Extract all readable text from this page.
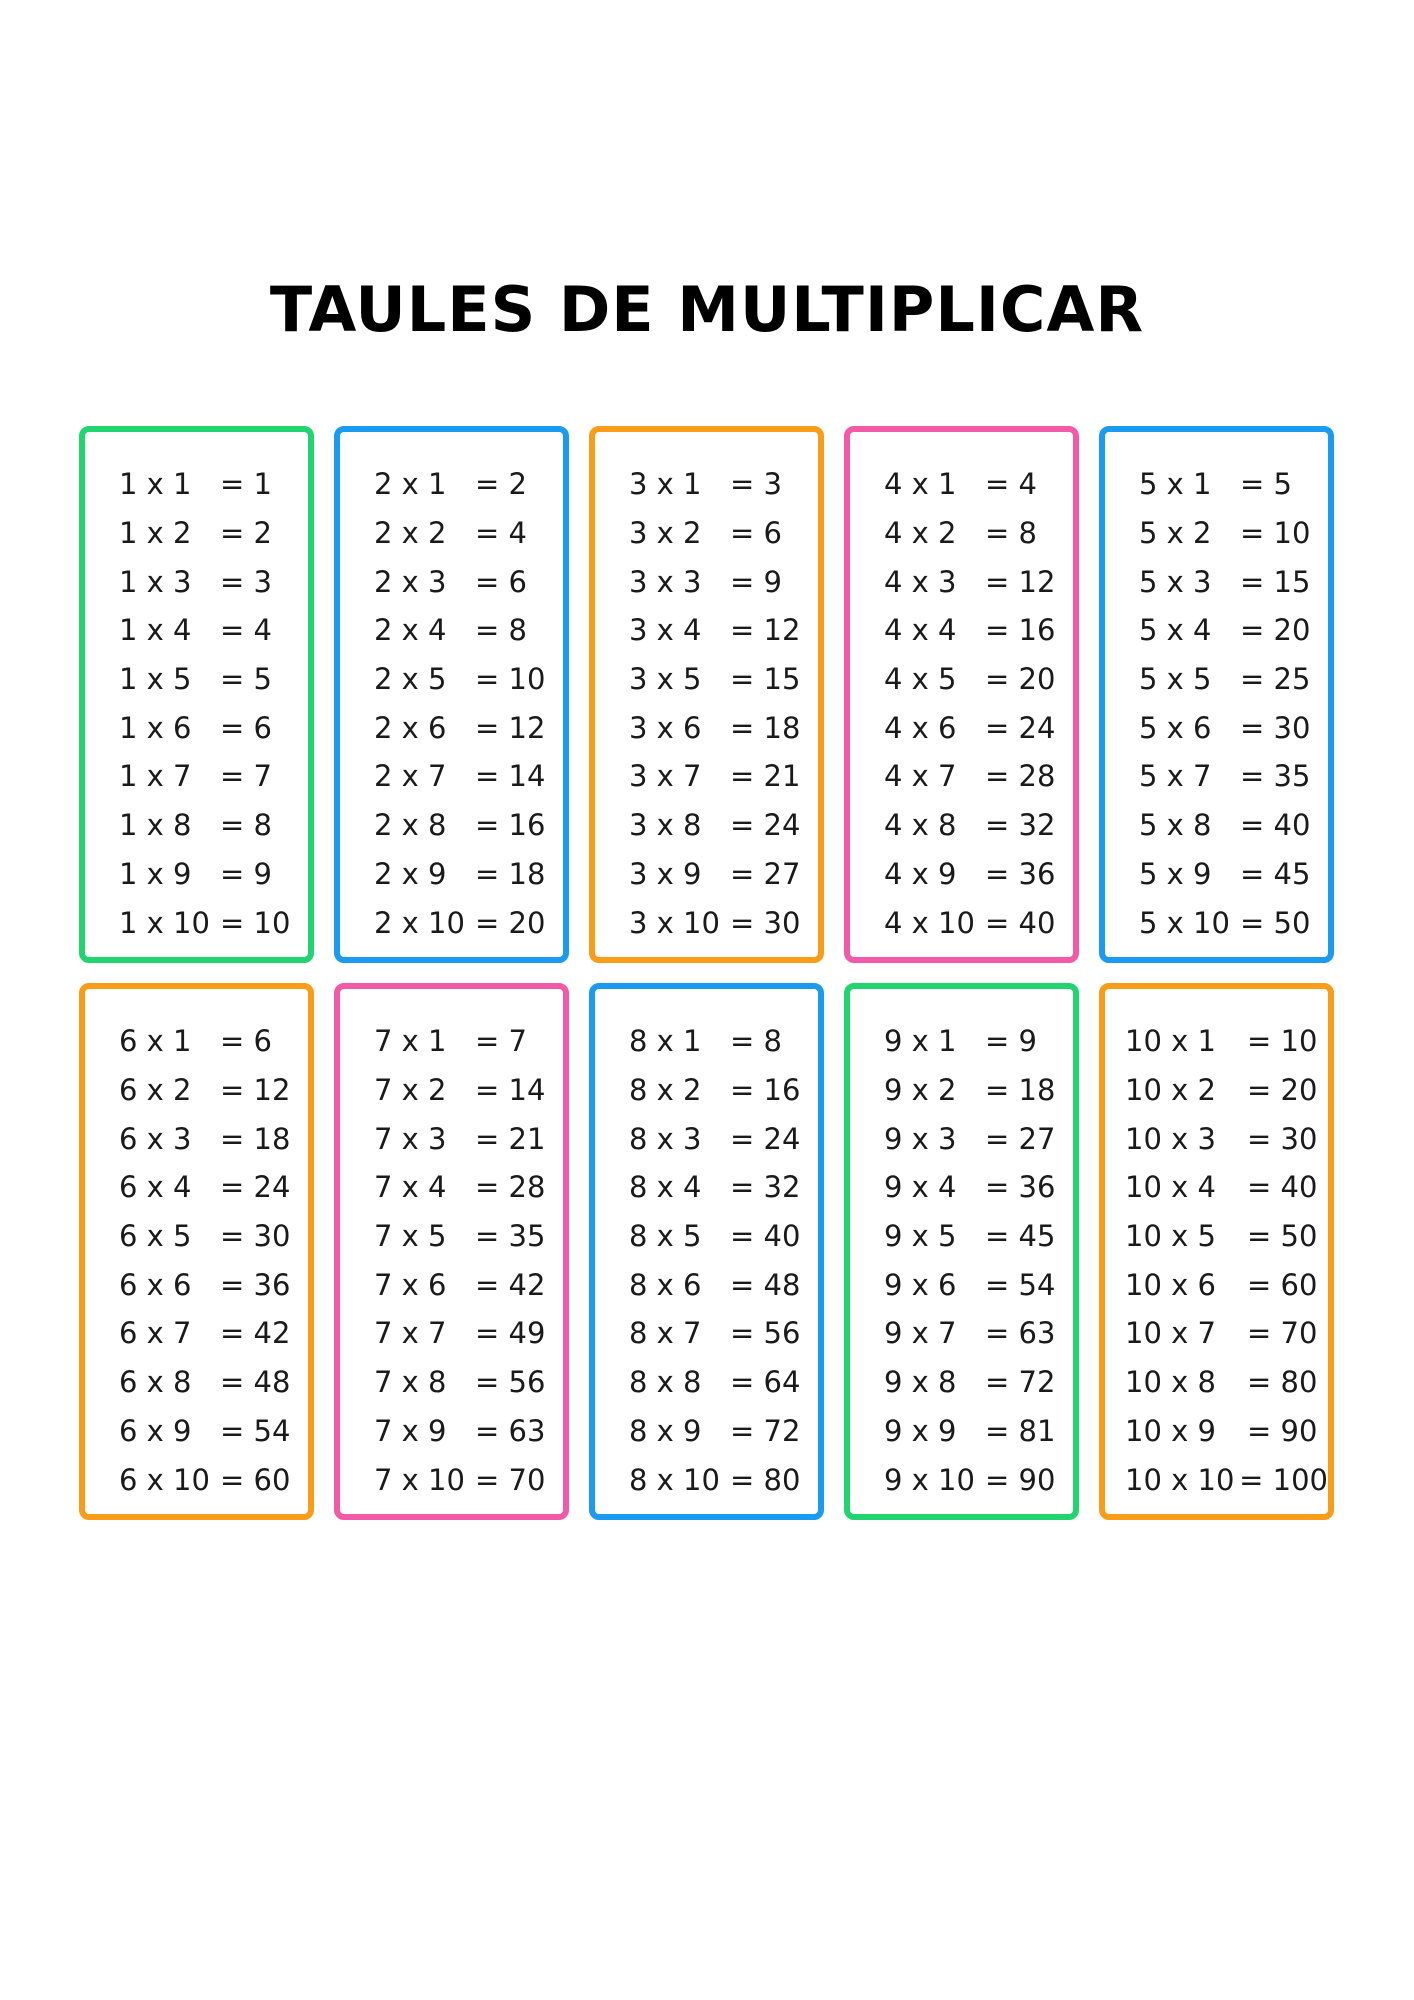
TAULES DE MULTIPLICAR
1 x 1 = 1
1 x 2 = 2
1 x 3 = 3
1 x 4 = 4
1 x 5 = 5
1 x 6 = 6
1 x 7 = 7
1 x 8 = 8
1 x 9 = 9
1 x 10 = 10
2 x 1 = 2
2 x 2 = 4
2 x 3 = 6
2 x 4 = 8
2 x 5 = 10
2 x 6 = 12
2 x 7 = 14
2 x 8 = 16
2 x 9 = 18
2 x 10 = 20
3 x 1 = 3
3 x 2 = 6
3 x 3 = 9
3 x 4 = 12
3 x 5 = 15
3 x 6 = 18
3 x 7 = 21
3 x 8 = 24
3 x 9 = 27
3 x 10 = 30
4 x 1 = 4
4 x 2 = 8
4 x 3 = 12
4 x 4 = 16
4 x 5 = 20
4 x 6 = 24
4 x 7 = 28
4 x 8 = 32
4 x 9 = 36
4 x 10 = 40
5 x 1 = 5
5 x 2 = 10
5 x 3 = 15
5 x 4 = 20
5 x 5 = 25
5 x 6 = 30
5 x 7 = 35
5 x 8 = 40
5 x 9 = 45
5 x 10 = 50
6 x 1 = 6
6 x 2 = 12
6 x 3 = 18
6 x 4 = 24
6 x 5 = 30
6 x 6 = 36
6 x 7 = 42
6 x 8 = 48
6 x 9 = 54
6 x 10 = 60
7 x 1 = 7
7 x 2 = 14
7 x 3 = 21
7 x 4 = 28
7 x 5 = 35
7 x 6 = 42
7 x 7 = 49
7 x 8 = 56
7 x 9 = 63
7 x 10 = 70
8 x 1 = 8
8 x 2 = 16
8 x 3 = 24
8 x 4 = 32
8 x 5 = 40
8 x 6 = 48
8 x 7 = 56
8 x 8 = 64
8 x 9 = 72
8 x 10 = 80
9 x 1 = 9
9 x 2 = 18
9 x 3 = 27
9 x 4 = 36
9 x 5 = 45
9 x 6 = 54
9 x 7 = 63
9 x 8 = 72
9 x 9 = 81
9 x 10 = 90
10 x 1	= 10
10 x 2	= 20
10 x 3	= 30
10 x 4	= 40
10 x 5	= 50
10 x 6	= 60
10 x 7	= 70
10 x 8	= 80
10 x 9	= 90
10 x 10 = 100
